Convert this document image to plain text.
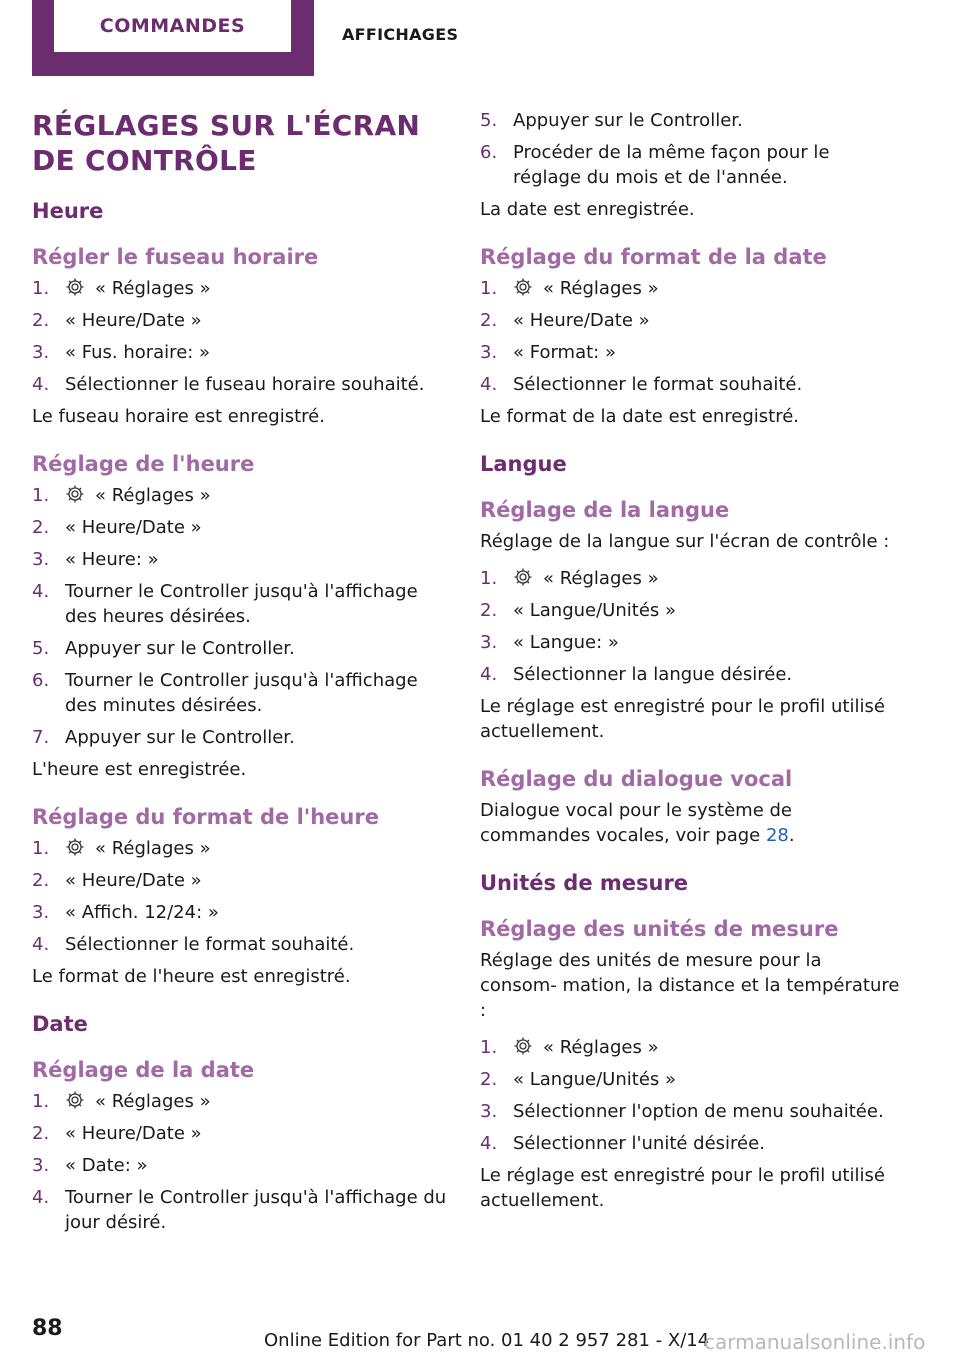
COMMANDES	AFFICHAGES
RÉGLAGES SUR L'ÉCRAN DE CONTRÔLE
Heure
Régler le fuseau horaire
1.	« Réglages »
2. « Heure/Date »
3. « Fus. horaire: »
4. Sélectionner le fuseau horaire souhaité.
Le fuseau horaire est enregistré.
Réglage de l'heure
1.	« Réglages »
2. « Heure/Date »
3. « Heure: »
4. Tourner le Controller jusqu'à l'affichage des heures désirées.
5. Appuyer sur le Controller.
6. Tourner le Controller jusqu'à l'affichage des minutes désirées.
7. Appuyer sur le Controller.
L'heure est enregistrée.
Réglage du format de l'heure
1.	« Réglages »
2. « Heure/Date »
3. « Affich. 12/24: »
4. Sélectionner le format souhaité.
Le format de l'heure est enregistré.
Date
Réglage de la date
1.	« Réglages »
2. « Heure/Date »
3. « Date: »
4. Tourner le Controller jusqu'à l'affichage du jour désiré.
5. Appuyer sur le Controller.
6. Procéder de la même façon pour le réglage du mois et de l'année.
La date est enregistrée.
Réglage du format de la date
1.	« Réglages »
2. « Heure/Date »
3. « Format: »
4. Sélectionner le format souhaité.
Le format de la date est enregistré.
Langue
Réglage de la langue
Réglage de la langue sur l'écran de contrôle :
1.	« Réglages »
2. « Langue/Unités »
3. « Langue: »
4. Sélectionner la langue désirée.
Le réglage est enregistré pour le profil utilisé actuellement.
Réglage du dialogue vocal
Dialogue vocal pour le système de commandes vocales, voir page 28.
Unités de mesure
Réglage des unités de mesure
Réglage des unités de mesure pour la consom‐ mation, la distance et la température :
1.	« Réglages »
2. « Langue/Unités »
3. Sélectionner l'option de menu souhaitée.
4. Sélectionner l'unité désirée.
Le réglage est enregistré pour le profil utilisé actuellement.
88	Online Edition for Part no. 01 40 2 957 281 - X/14
carmanualsonline.info
